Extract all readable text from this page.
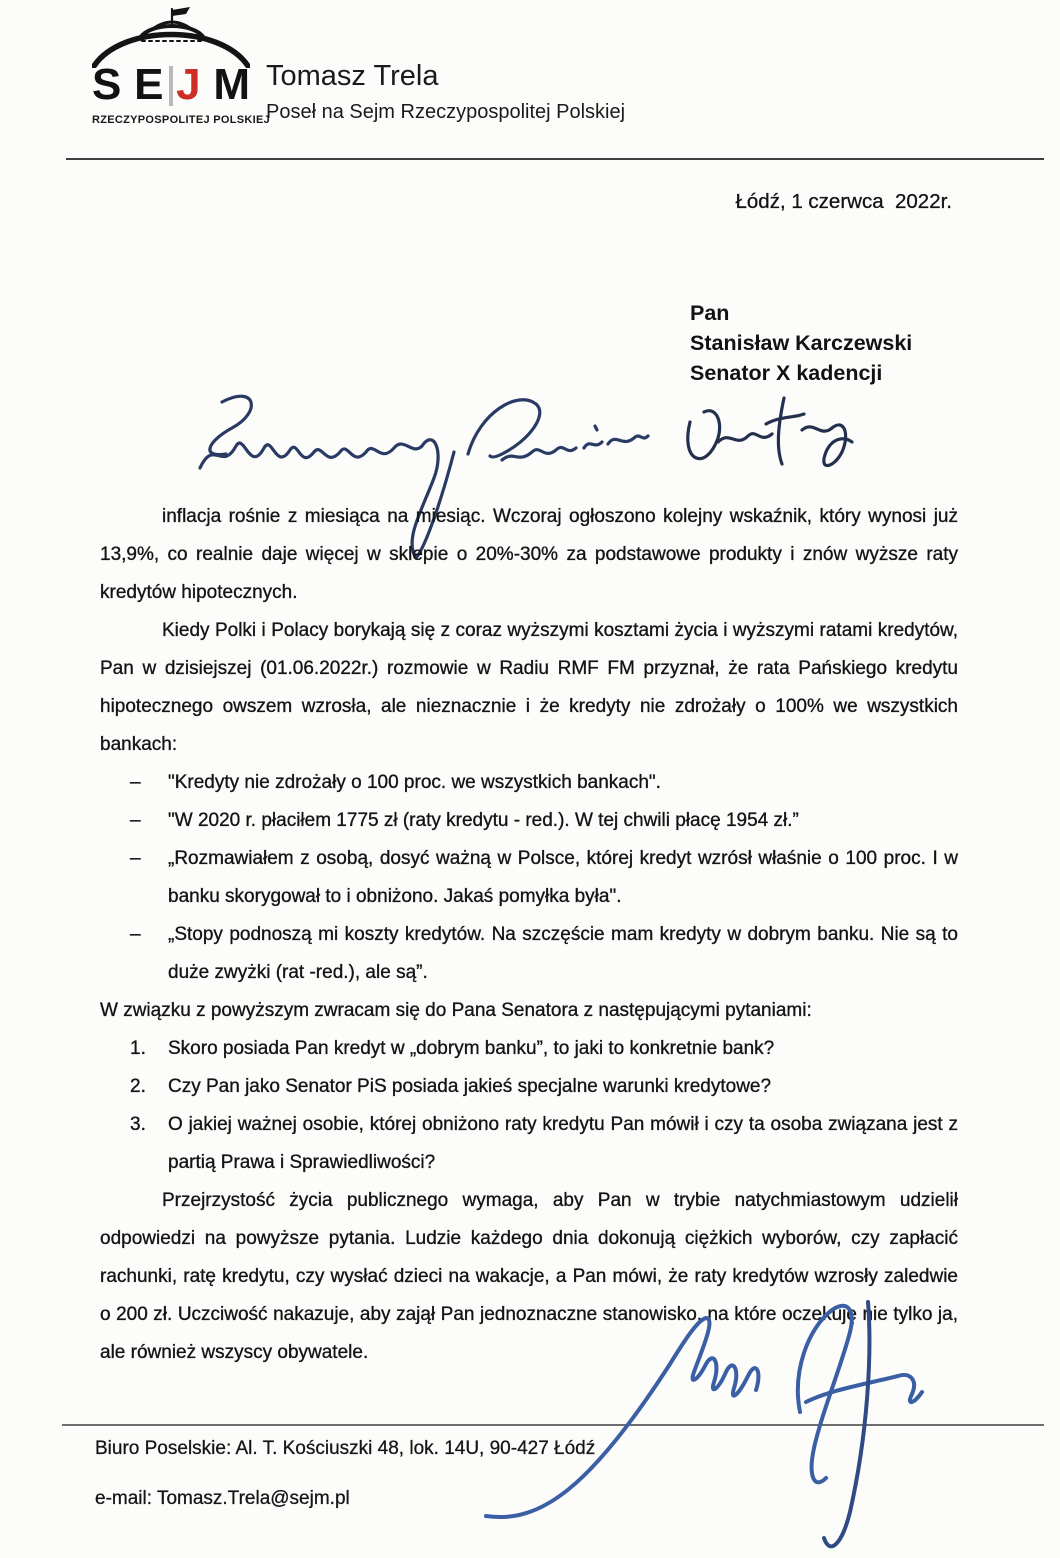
S E J M
RZECZYPOSPOLITEJ POLSKIEJ
Tomasz Trela
Poseł na Sejm Rzeczypospolitej Polskiej
Łódź, 1 czerwca  2022r.
Pan
Stanisław Karczewski
Senator X kadencji

inflacja rośnie z miesiąca na miesiąc. Wczoraj ogłoszono kolejny wskaźnik, który wynosi już 13,9%, co realnie daje więcej w sklepie o 20%-30% za podstawowe produkty i znów wyższe raty kredytów hipotecznych.

Kiedy Polki i Polacy borykają się z coraz wyższymi kosztami życia i wyższymi ratami kredytów, Pan w dzisiejszej (01.06.2022r.) rozmowie w Radiu RMF FM przyznał, że rata Pańskiego kredytu hipotecznego owszem wzrosła, ale nieznacznie i że kredyty nie zdrożały o 100% we wszystkich bankach:

–	"Kredyty nie zdrożały o 100 proc. we wszystkich bankach".
–	"W 2020 r. płaciłem 1775 zł (raty kredytu - red.). W tej chwili płacę 1954 zł.”
–	„Rozmawiałem z osobą, dosyć ważną w Polsce, której kredyt wzrósł właśnie o 100 proc. I w banku skorygował to i obniżono. Jakaś pomyłka była".
–	„Stopy podnoszą mi koszty kredytów. Na szczęście mam kredyty w dobrym banku. Nie są to duże zwyżki (rat -red.), ale są”.

W związku z powyższym zwracam się do Pana Senatora z następującymi pytaniami:

1.	Skoro posiada Pan kredyt w „dobrym banku”, to jaki to konkretnie bank?
2.	Czy Pan jako Senator PiS posiada jakieś specjalne warunki kredytowe?
3.	O jakiej ważnej osobie, której obniżono raty kredytu Pan mówił i czy ta osoba związana jest z partią Prawa i Sprawiedliwości?

Przejrzystość życia publicznego wymaga, aby Pan w trybie natychmiastowym udzielił odpowiedzi na powyższe pytania. Ludzie każdego dnia dokonują ciężkich wyborów, czy zapłacić rachunki, ratę kredytu, czy wysłać dzieci na wakacje, a Pan mówi, że raty kredytów wzrosły zaledwie o 200 zł. Uczciwość nakazuje, aby zajął Pan jednoznaczne stanowisko, na które oczekuję nie tylko ja, ale również wszyscy obywatele.

Biuro Poselskie: Al. T. Kościuszki 48, lok. 14U, 90-427 Łódź
e-mail: Tomasz.Trela@sejm.pl
